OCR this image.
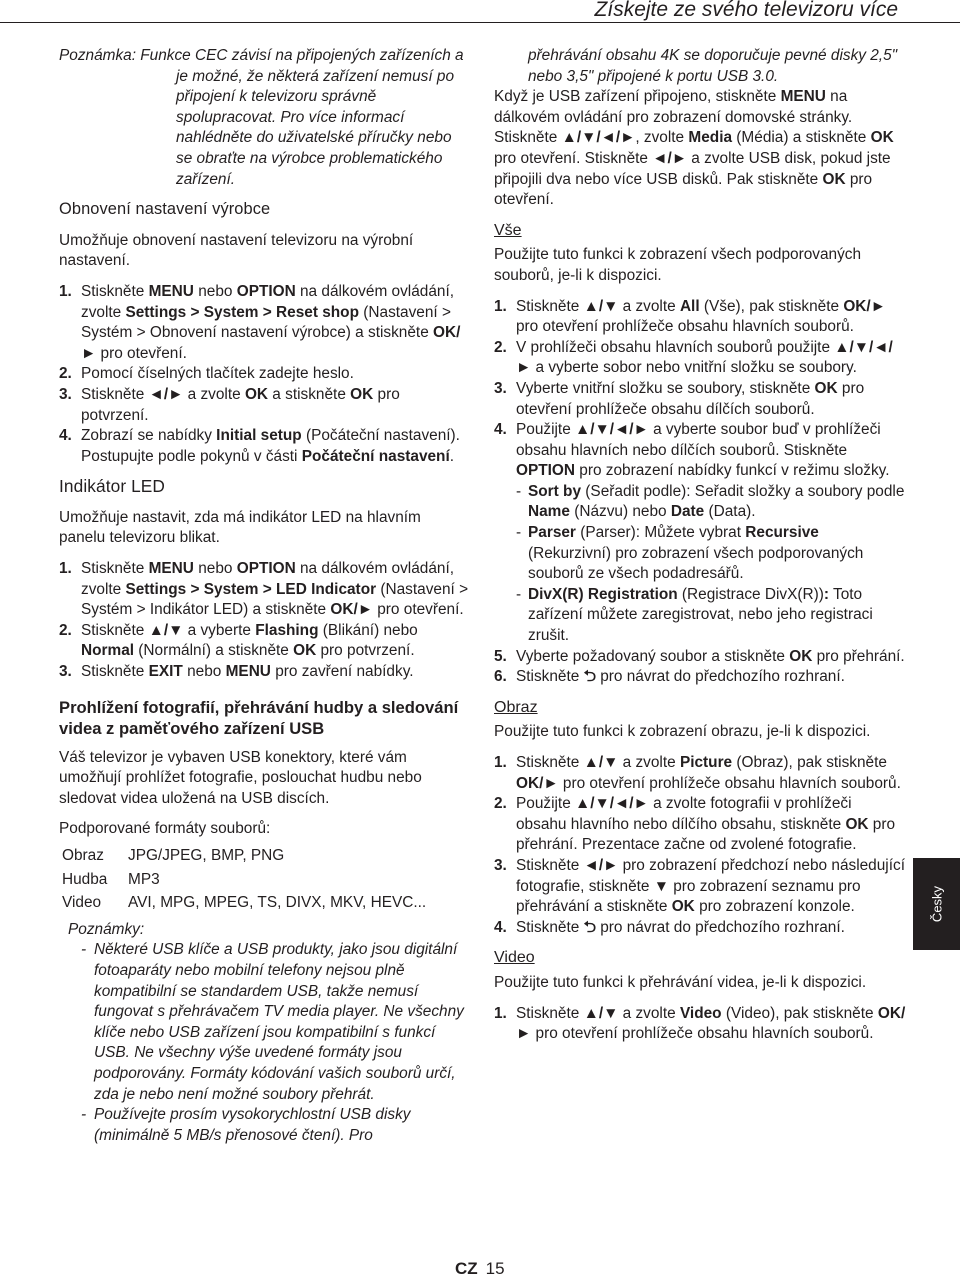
Získejte ze svého televizoru více

Poznámka: Funkce CEC závisí na připojených zařízeních a je možné, že některá zařízení nemusí po připojení k televizoru správně spolupracovat. Pro více informací nahlédněte do uživatelské příručky nebo se obraťte na výrobce problematického zařízení.

Obnovení nastavení výrobce

Umožňuje obnovení nastavení televizoru na výrobní nastavení.

1. Stiskněte MENU nebo OPTION na dálkovém ovládání, zvolte Settings > System > Reset shop (Nastavení > Systém > Obnovení nastavení výrobce) a stiskněte OK/► pro otevření.
2. Pomocí číselných tlačítek zadejte heslo.
3. Stiskněte ◄/► a zvolte OK a stiskněte OK pro potvrzení.
4. Zobrazí se nabídky Initial setup (Počáteční nastavení). Postupujte podle pokynů v části Počáteční nastavení.
Indikátor LED

Umožňuje nastavit, zda má indikátor LED na hlavním panelu televizoru blikat.

1. Stiskněte MENU nebo OPTION na dálkovém ovládání, zvolte Settings > System > LED Indicator (Nastavení > Systém > Indikátor LED) a stiskněte OK/► pro otevření.
2. Stiskněte ▲/▼ a vyberte Flashing (Blikání) nebo Normal (Normální) a stiskněte OK pro potvrzení.
3. Stiskněte EXIT nebo MENU pro zavření nabídky.
Prohlížení fotografií, přehrávání hudby a sledování videa z paměťového zařízení USB

Váš televizor je vybaven USB konektory, které vám umožňují prohlížet fotografie, poslouchat hudbu nebo sledovat videa uložená na USB discích.

Podporované formáty souborů:

Obraz	JPG/JPEG, BMP, PNG
Hudba	MP3
Video	AVI, MPG, MPEG, TS, DIVX, MKV, HEVC...
Poznámky:
- Některé USB klíče a USB produkty, jako jsou digitální fotoaparáty nebo mobilní telefony nejsou plně kompatibilní se standardem USB, takže nemusí fungovat s přehrávačem TV media player. Ne všechny klíče nebo USB zařízení jsou kompatibilní s funkcí USB. Ne všechny výše uvedené formáty jsou podporovány. Formáty kódování vašich souborů určí, zda je nebo není možné soubory přehrát.
- Používejte prosím vysokorychlostní USB disky (minimálně 5 MB/s přenosové čtení). Pro

přehrávání obsahu 4K se doporučuje pevné disky 2,5" nebo 3,5" připojené k portu USB 3.0.

Když je USB zařízení připojeno, stiskněte MENU na dálkovém ovládání pro zobrazení domovské stránky. Stiskněte ▲/▼/◄/►, zvolte Media (Média) a stiskněte OK pro otevření. Stiskněte ◄/► a zvolte USB disk, pokud jste připojili dva nebo více USB disků. Pak stiskněte OK pro otevření.

Vše

Použijte tuto funkci k zobrazení všech podporovaných souborů, je-li k dispozici.

1. Stiskněte ▲/▼ a zvolte All (Vše), pak stiskněte OK/► pro otevření prohlížeče obsahu hlavních souborů.
2. V prohlížeči obsahu hlavních souborů použijte ▲/▼/◄/► a vyberte sobor nebo vnitřní složku se soubory.
3. Vyberte vnitřní složku se soubory, stiskněte OK pro otevření prohlížeče obsahu dílčích souborů.
4. Použijte ▲/▼/◄/► a vyberte soubor buď v prohlížeči obsahu hlavních nebo dílčích souborů. Stiskněte OPTION pro zobrazení nabídky funkcí v režimu složky.
- Sort by (Seřadit podle): Seřadit složky a soubory podle Name (Názvu) nebo Date (Data).
- Parser (Parser): Můžete vybrat Recursive (Rekurzivní) pro zobrazení všech podporovaných souborů ze všech podadresářů.
- DivX(R) Registration (Registrace DivX(R)): Toto zařízení můžete zaregistrovat, nebo jeho registraci zrušit.
5. Vyberte požadovaný soubor a stiskněte OK pro přehrání.
6. Stiskněte ⮌ pro návrat do předchozího rozhraní.
Obraz

Použijte tuto funkci k zobrazení obrazu, je-li k dispozici.

1. Stiskněte ▲/▼ a zvolte Picture (Obraz), pak stiskněte OK/► pro otevření prohlížeče obsahu hlavních souborů.
2. Použijte ▲/▼/◄/► a zvolte fotografii v prohlížeči obsahu hlavního nebo dílčího obsahu, stiskněte OK pro přehrání. Prezentace začne od zvolené fotografie.
3. Stiskněte ◄/► pro zobrazení předchozí nebo následující fotografie, stiskněte ▼ pro zobrazení seznamu pro přehrávání a stiskněte OK pro zobrazení konzole.
4. Stiskněte ⮌ pro návrat do předchozího rozhraní.
Video

Použijte tuto funkci k přehrávání videa, je-li k dispozici.

1. Stiskněte ▲/▼ a zvolte Video (Video), pak stiskněte OK/► pro otevření prohlížeče obsahu hlavních souborů.
Česky
CZ 15
